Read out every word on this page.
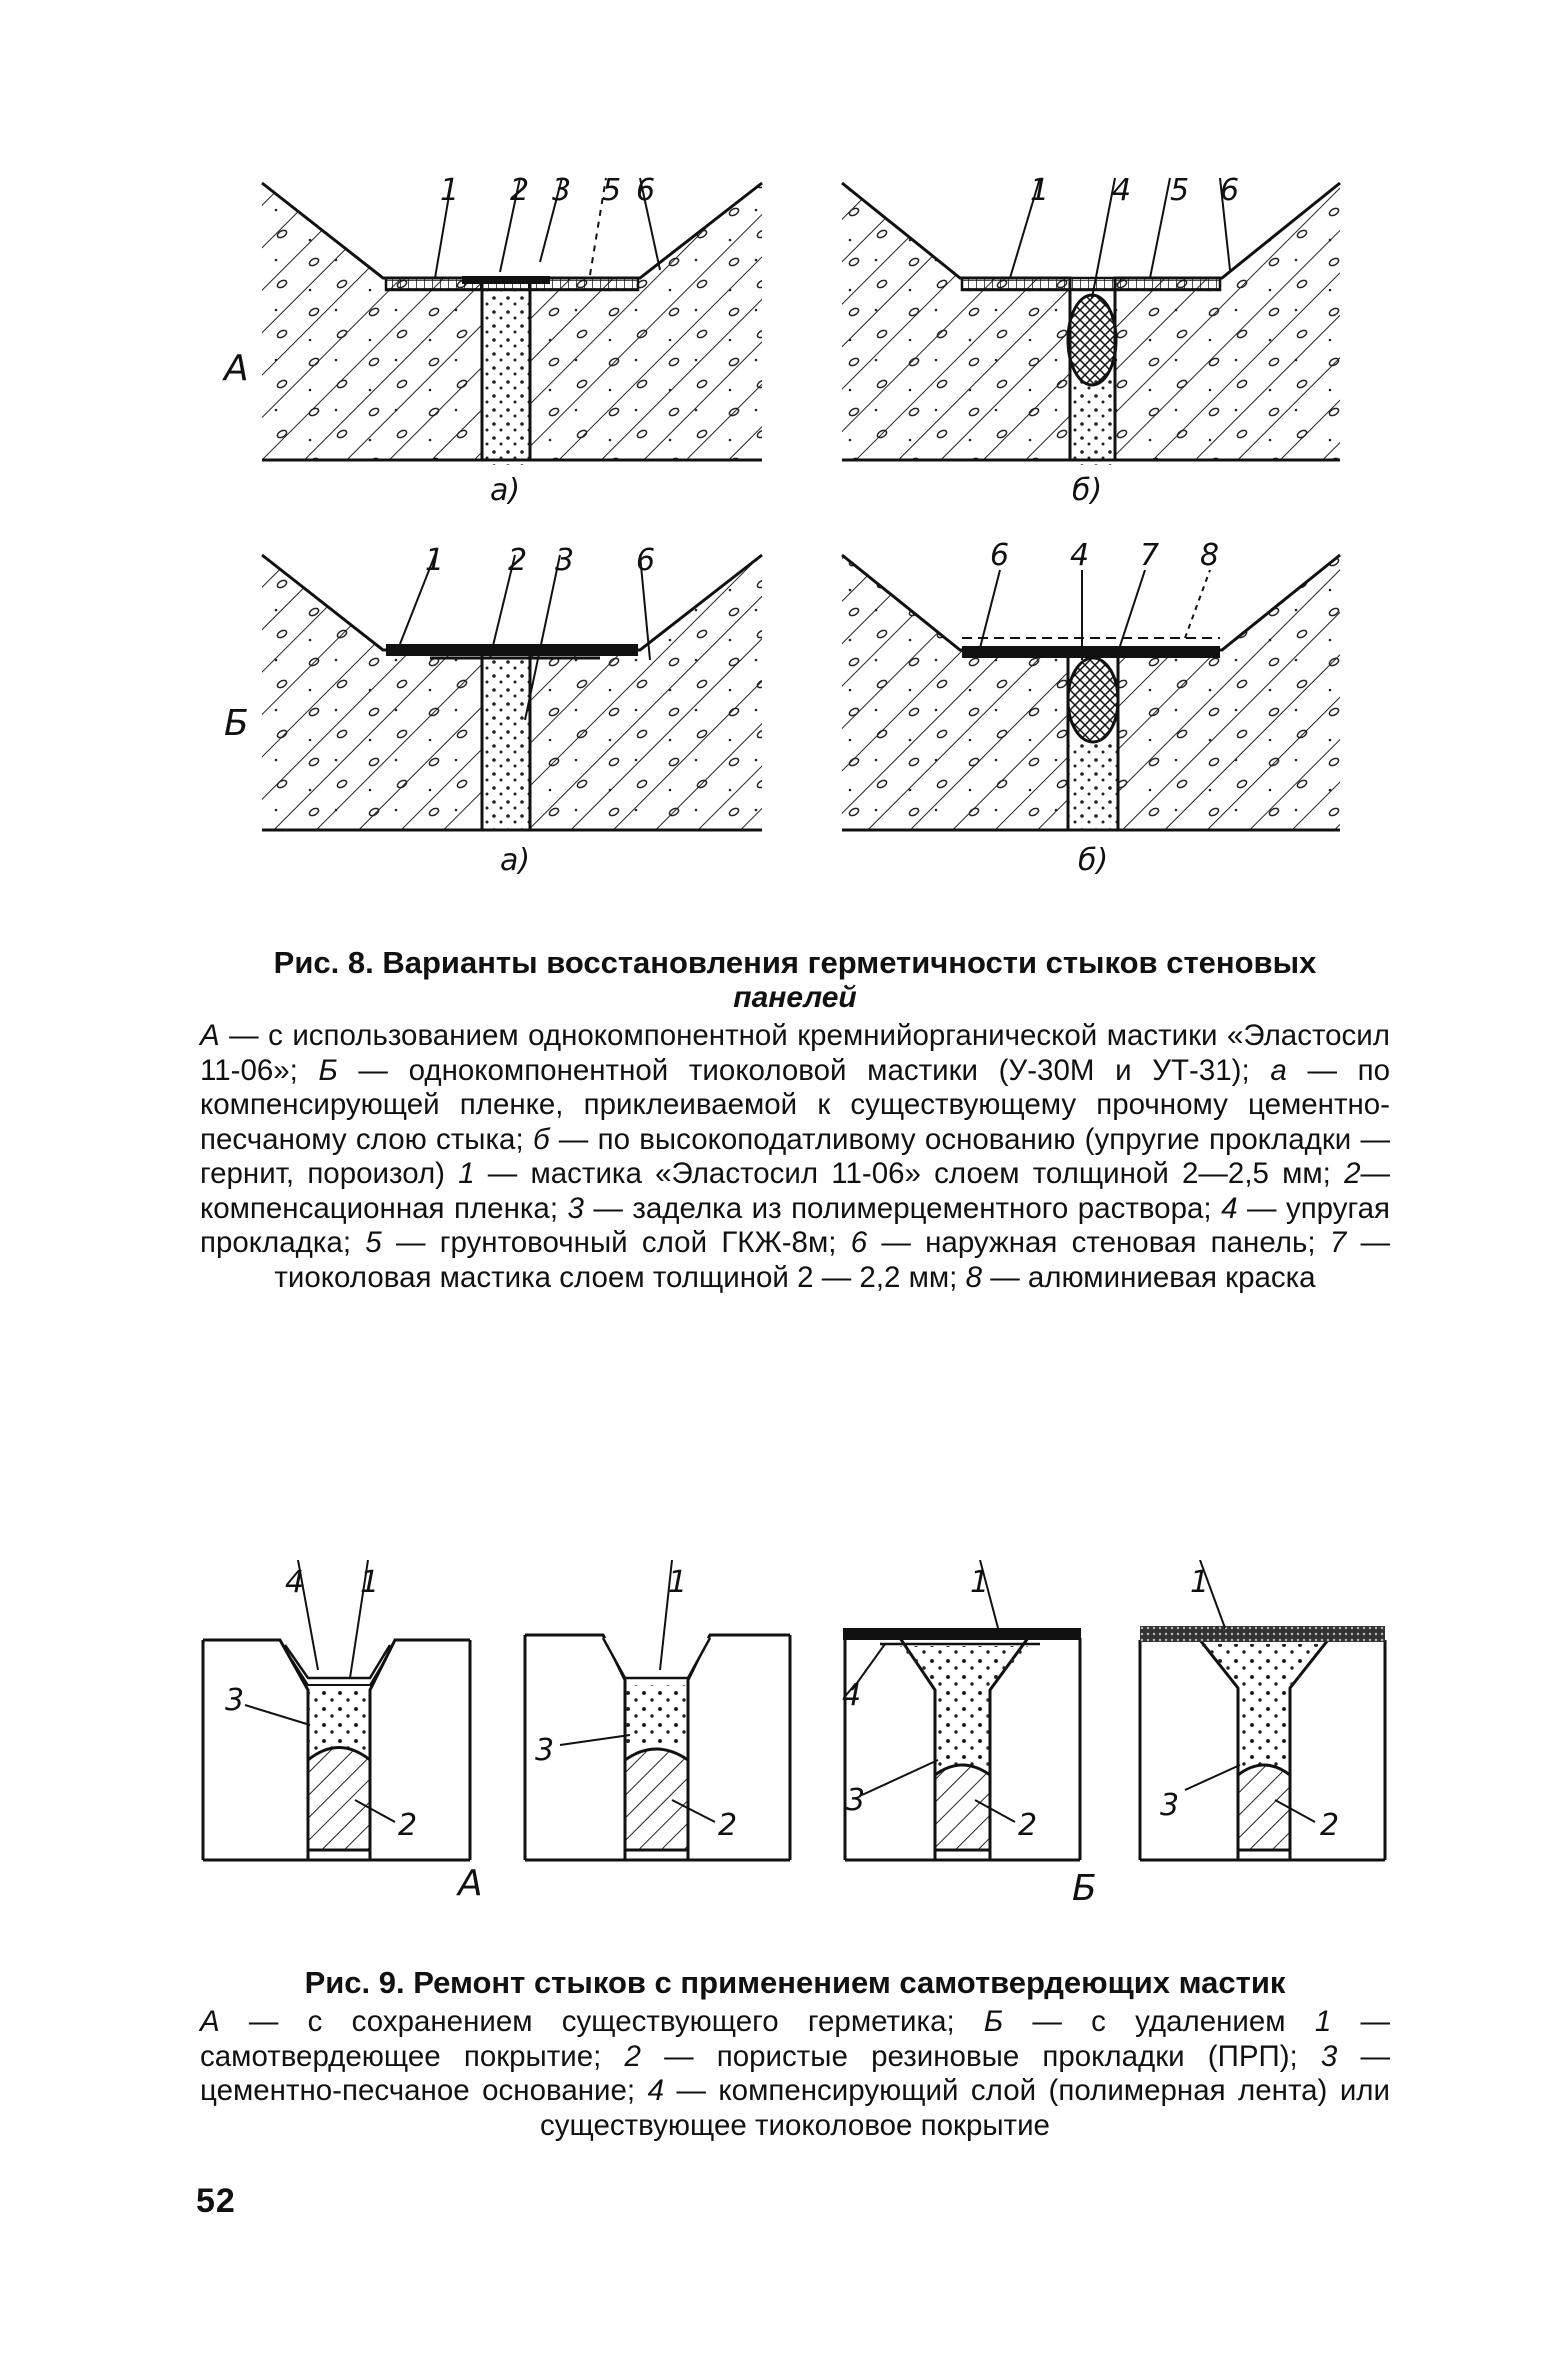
1 2 3 5 6
а)
1 4 5 6
б)
А
1 2 3 6
а)
6 4 7 8
б)
Б

Рис. 8. Варианты восстановления герметичности стыков стеновых

панелей
А — с использованием однокомпонентной кремнийорганической мастики «Эластосил 11-06»; Б — однокомпонентной тиоколовой мастики (У-30М и УТ-31); а — по компенсирующей пленке, приклеиваемой к существующему прочному цементно-песчаному слою стыка; б — по высокоподатливому основанию (упругие прокладки — гернит, пороизол) 1 — мастика «Эластосил 11-06» слоем толщиной 2—2,5 мм; 2— компенсационная пленка; 3 — заделка из полимерцементного раствора; 4 — упругая прокладка; 5 — грунтовочный слой ГКЖ-8м; 6 — наружная стеновая панель; 7 — тиоколовая мастика слоем толщиной 2 — 2,2 мм; 8 — алюминиевая краска
4 1
3
2
1
3
2
1
4
3
2
1
3
2
А	Б

Рис. 9. Ремонт стыков с применением самотвердеющих мастик

А — с сохранением существующего герметика; Б — с удалением 1 — самотвердеющее покрытие; 2 — пористые резиновые прокладки (ПРП); 3 — цементно-песчаное основание; 4 — компенсирующий слой (полимерная лента) или существующее тиоколовое покрытие
52
